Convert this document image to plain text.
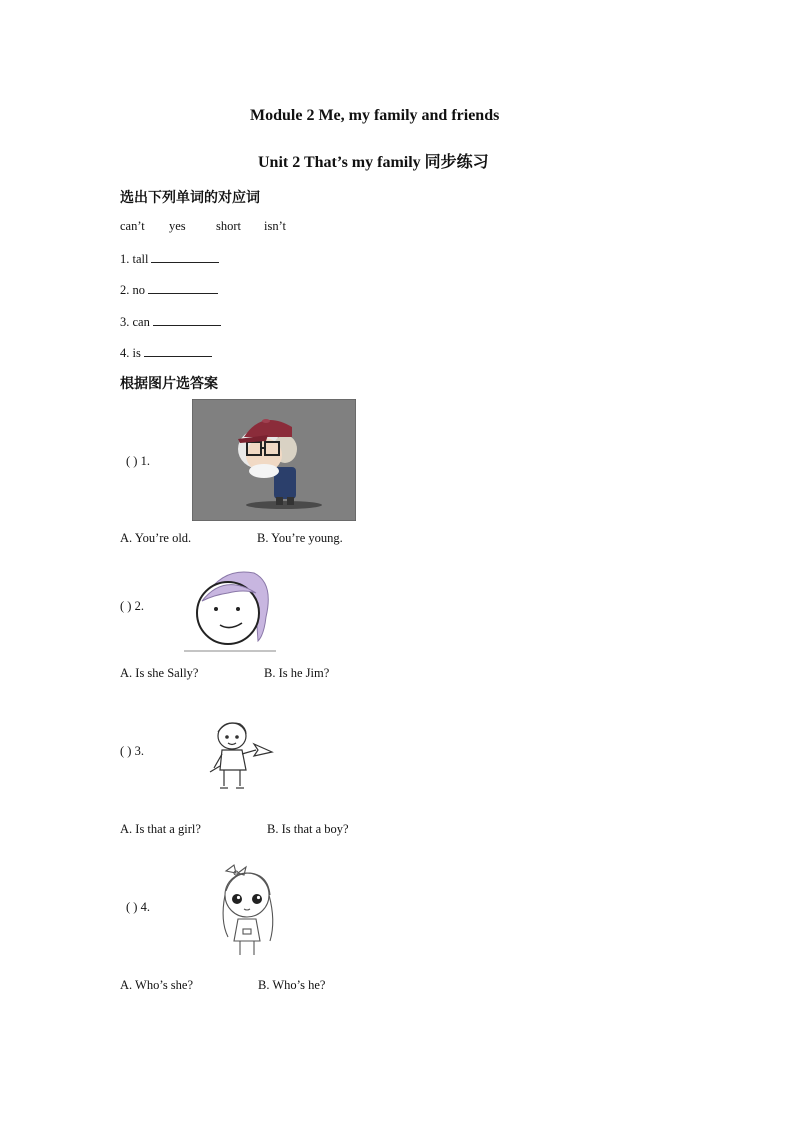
Module 2 Me, my family and friends
Unit 2 That’s my family 同步练习
选出下列单词的对应词
can’t yes short isn’t
1. tall
2. no
3. can
4. is
根据图片选答案
( ) 1.
A. You’re old.	B. You’re young.
( ) 2.
A. Is she Sally?	B. Is he Jim?
( ) 3.
A. Is that a girl?	B. Is that a boy?
( ) 4.
A. Who’s she?	B. Who’s he?
